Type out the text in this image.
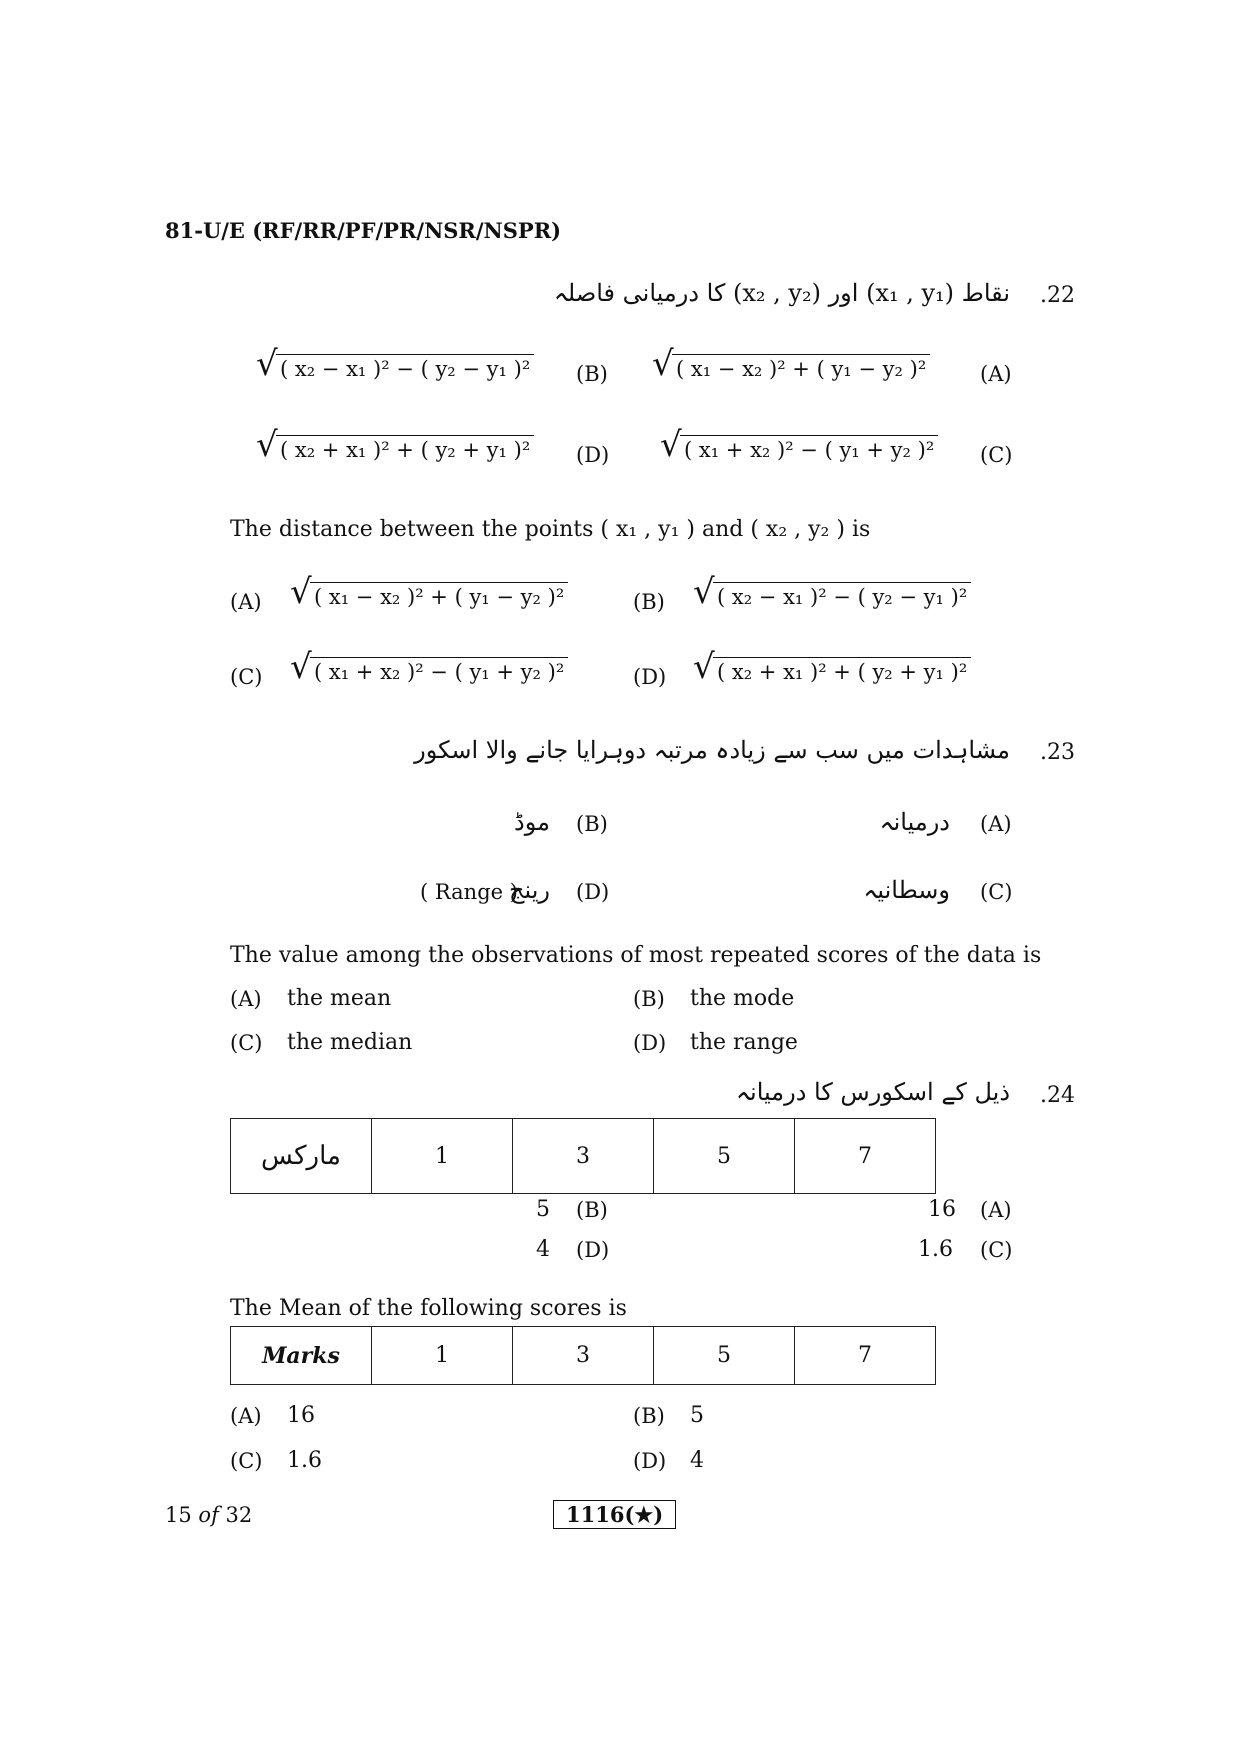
81-U/E (RF/RR/PF/PR/NSR/NSPR)
.22
نقاط (x₁ , y₁) اور (x₂ , y₂) کا درمیانی فاصلہ
(A)
√ ( x₁ − x₂ )² + ( y₁ − y₂ )²
(B)
√ ( x₂ − x₁ )² − ( y₂ − y₁ )²
(C)
√ ( x₁ + x₂ )² − ( y₁ + y₂ )²
(D)
√ ( x₂ + x₁ )² + ( y₂ + y₁ )²
The distance between the points ( x₁ , y₁ ) and ( x₂ , y₂ ) is
(A)	√ ( x₁ − x₂ )² + ( y₁ − y₂ )²	(B)	√ ( x₂ − x₁ )² − ( y₂ − y₁ )²
(C)	√ ( x₁ + x₂ )² − ( y₁ + y₂ )²	(D)	√ ( x₂ + x₁ )² + ( y₂ + y₁ )²
.23
مشاہدات میں سب سے زیادہ مرتبہ دوہرایا جانے والا اسکور
(A)
درمیانہ
(B)
موڈ
(C)
وسطانیہ
(D)
رینج
( Range )
The value among the observations of most repeated scores of the data is
(A) the mean	(B) the mode
(C) the median	(D) the range
.24
ذیل کے اسکورس کا درمیانہ
مارکس	1	3	5	7
(A)
16
(B)
5
(C)
1.6
(D)
4
The Mean of the following scores is
Marks	1	3	5	7
(A) 16	(B) 5
(C) 1.6	(D) 4
15 of 32	1116(★)
